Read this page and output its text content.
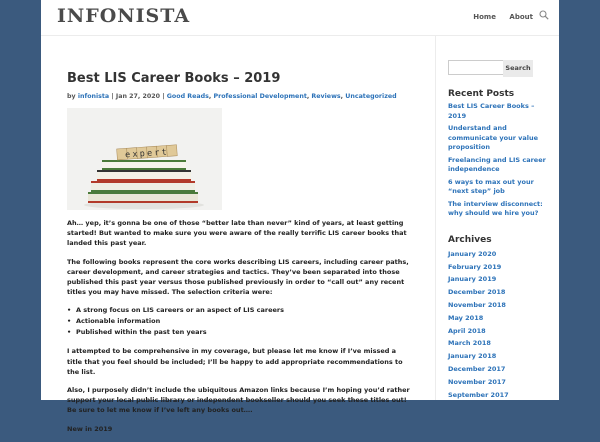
INFONISTA	Home About
Best LIS Career Books – 2019
by infonista | Jan 27, 2020 | Good Reads, Professional Development, Reviews, Uncategorized
expert

Ah… yep, it’s gonna be one of those “better late than never” kind of years, at least getting started! But wanted to make sure you were aware of the really terrific LIS career books that landed this past year.

The following books represent the core works describing LIS careers, including career paths, career development, and career strategies and tactics. They’ve been separated into those published this past year versus those published previously in order to “call out” any recent titles you may have missed. The selection criteria were:

• A strong focus on LIS careers or an aspect of LIS careers
• Actionable information
• Published within the past ten years

I attempted to be comprehensive in my coverage, but please let me know if I’ve missed a title that you feel should be included; I’ll be happy to add appropriate recommendations to the list.

Also, I purposely didn’t include the ubiquitous Amazon links because I’m hoping you’d rather support your local public library or independent bookseller should you seek these titles out! Be sure to let me know if I’ve left any books out….

New in 2019

Search
Recent Posts
Best LIS Career Books – 2019
Understand and communicate your value proposition
Freelancing and LIS career independence
6 ways to max out your “next step” job
The interview disconnect: why should we hire you?
Archives
January 2020
February 2019
January 2019
December 2018
November 2018
May 2018
April 2018
March 2018
January 2018
December 2017
November 2017
September 2017
